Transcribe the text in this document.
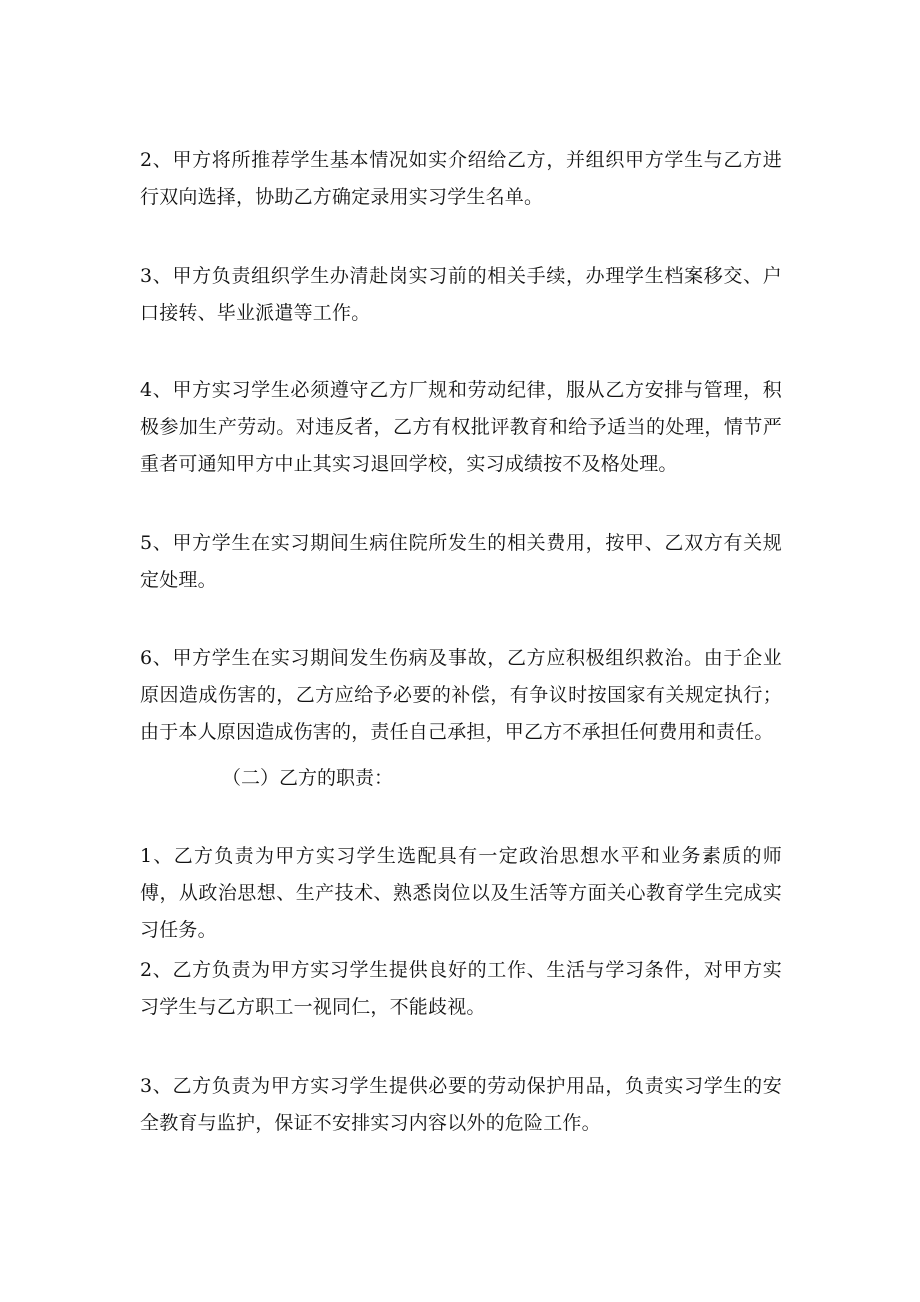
2、甲方将所推荐学生基本情况如实介绍给乙方，并组织甲方学生与乙方进行双向选择，协助乙方确定录用实习学生名单。

3、甲方负责组织学生办清赴岗实习前的相关手续，办理学生档案移交、户口接转、毕业派遣等工作。

4、甲方实习学生必须遵守乙方厂规和劳动纪律，服从乙方安排与管理，积极参加生产劳动。对违反者，乙方有权批评教育和给予适当的处理，情节严重者可通知甲方中止其实习退回学校，实习成绩按不及格处理。

5、甲方学生在实习期间生病住院所发生的相关费用，按甲、乙双方有关规定处理。

6、甲方学生在实习期间发生伤病及事故，乙方应积极组织救治。由于企业原因造成伤害的，乙方应给予必要的补偿，有争议时按国家有关规定执行；由于本人原因造成伤害的，责任自己承担，甲乙方不承担任何费用和责任。

（二）乙方的职责：

1、乙方负责为甲方实习学生选配具有一定政治思想水平和业务素质的师傅，从政治思想、生产技术、熟悉岗位以及生活等方面关心教育学生完成实习任务。

2、乙方负责为甲方实习学生提供良好的工作、生活与学习条件，对甲方实习学生与乙方职工一视同仁，不能歧视。

3、乙方负责为甲方实习学生提供必要的劳动保护用品，负责实习学生的安全教育与监护，保证不安排实习内容以外的危险工作。
